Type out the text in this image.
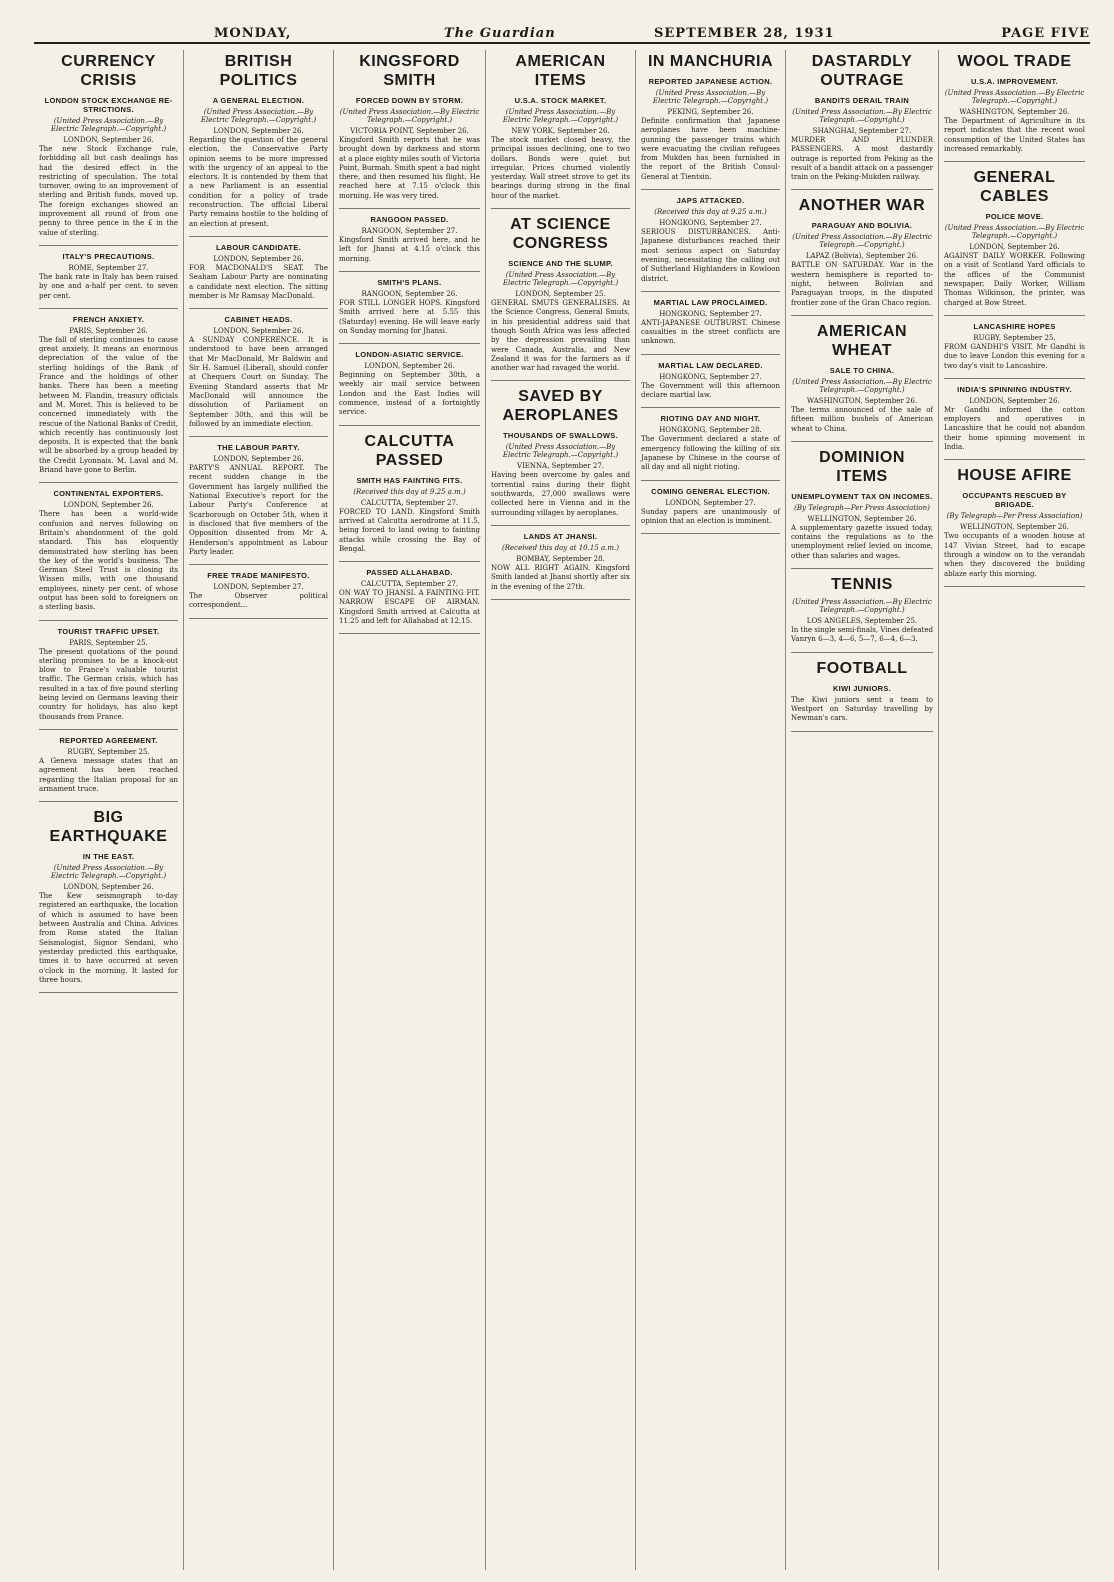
MONDAY,	The Guardian	SEPTEMBER 28, 1931	PAGE FIVE
CURRENCY CRISIS
LONDON STOCK EXCHANGE RE-STRICTIONS.
(United Press Association.—By Electric Telegraph.—Copyright.)
LONDON, September 26.
The new Stock Exchange rule, forbidding all but cash dealings has had the desired effect in the restricting of speculation. The total turnover, owing to an improvement of sterling and British funds, moved up. The foreign exchanges showed an improvement all round of from one penny to three pence in the £ in the value of sterling.
ITALY'S PRECAUTIONS.
ROME, September 27.
The bank rate in Italy has been raised by one and a-half per cent. to seven per cent.
FRENCH ANXIETY.
PARIS, September 26.
The fall of sterling continues to cause great anxiety. It means an enormous depreciation of the value of the sterling holdings of the Bank of France and the holdings of other banks. There has been a meeting between M. Flandin, treasury officials and M. Moret. This is believed to be concerned immediately with the rescue of the National Banks of Credit, which recently has continuously lost deposits. It is expected that the bank will be absorbed by a group headed by the Credit Lyonnais. M. Laval and M. Briand have gone to Berlin.
CONTINENTAL EXPORTERS.
LONDON, September 26.
There has been a world-wide confusion and nerves following on Britain's abandonment of the gold standard. This has eloquently demonstrated how sterling has been the key of the world's business. The German Steel Trust is closing its Wissen mills, with one thousand employees, ninety per cent. of whose output has been sold to foreigners on a sterling basis.
TOURIST TRAFFIC UPSET.
PARIS, September 25.
The present quotations of the pound sterling promises to be a knock-out blow to France's valuable tourist traffic. The German crisis, which has resulted in a tax of five pound sterling being levied on Germans leaving their country for holidays, has also kept thousands from France.
REPORTED AGREEMENT.
RUGBY, September 25.
A Geneva message states that an agreement has been reached regarding the Italian proposal for an armament truce.
BIG EARTHQUAKE
IN THE EAST.
(United Press Association.—By Electric Telegraph.—Copyright.)
LONDON, September 26.
The Kew seismograph to-day registered an earthquake, the location of which is assumed to have been between Australia and China. Advices from Rome stated the Italian Seismologist, Signor Sendani, who yesterday predicted this earthquake, times it to have occurred at seven o'clock in the morning. It lasted for three hours.
BRITISH POLITICS
A GENERAL ELECTION.
(United Press Association.—By Electric Telegraph.—Copyright.)
LONDON, September 26.
Regarding the question of the general election, the Conservative Party opinion seems to be more impressed with the urgency of an appeal to the electors. It is contended by them that a new Parliament is an essential condition for a policy of trade reconstruction. The official Liberal Party remains hostile to the holding of an election at present.
LABOUR CANDIDATE.
LONDON, September 26.
FOR MACDONALD'S SEAT. The Seaham Labour Party are nominating a candidate next election. The sitting member is Mr Ramsay MacDonald.
CABINET HEADS.
LONDON, September 26.
A SUNDAY CONFERENCE. It is understood to have been arranged that Mr MacDonald, Mr Baldwin and Sir H. Samuel (Liberal), should confer at Chequers Court on Sunday. The Evening Standard asserts that Mr MacDonald will announce the dissolution of Parliament on September 30th, and this will be followed by an immediate election.
THE LABOUR PARTY.
LONDON, September 26.
PARTY'S ANNUAL REPORT. The recent sudden change in the Government has largely nullified the National Executive's report for the Labour Party's Conference at Scarborough on October 5th, when it is disclosed that five members of the Opposition dissented from Mr A. Henderson's appointment as Labour Party leader.
FREE TRADE MANIFESTO.
LONDON, September 27.
The Observer political correspondent...
KINGSFORD SMITH
FORCED DOWN BY STORM.
(United Press Association.—By Electric Telegraph.—Copyright.)
VICTORIA POINT, September 26.
Kingsford Smith reports that he was brought down by darkness and storm at a place eighty miles south of Victoria Point, Burmah. Smith spent a bad night there, and then resumed his flight. He reached here at 7.15 o'clock this morning. He was very tired.
RANGOON PASSED.
RANGOON, September 27.
Kingsford Smith arrived here, and he left for Jhansi at 4.15 o'clock this morning.
SMITH'S PLANS.
RANGOON, September 26.
FOR STILL LONGER HOPS. Kingsford Smith arrived here at 5.55 this (Saturday) evening. He will leave early on Sunday morning for Jhansi.
LONDON-ASIATIC SERVICE.
LONDON, September 26.
Beginning on September 30th, a weekly air mail service between London and the East Indies will commence, instead of a fortnightly service.
CALCUTTA PASSED
SMITH HAS FAINTING FITS.
(Received this day at 9.25 a.m.)
CALCUTTA, September 27.
FORCED TO LAND. Kingsford Smith arrived at Calcutta aerodrome at 11.5, being forced to land owing to fainting attacks while crossing the Bay of Bengal.
PASSED ALLAHABAD.
CALCUTTA, September 27.
ON WAY TO JHANSI. A FAINTING FIT. NARROW ESCAPE OF AIRMAN. Kingsford Smith arrived at Calcutta at 11.25 and left for Allahabad at 12.15.
AMERICAN ITEMS
U.S.A. STOCK MARKET.
(United Press Association.—By Electric Telegraph.—Copyright.)
NEW YORK, September 26.
The stock market closed heavy, the principal issues declining, one to two dollars. Bonds were quiet but irregular. Prices churned violently yesterday. Wall street strove to get its bearings during strong in the final hour of the market.
AT SCIENCE CONGRESS
SCIENCE AND THE SLUMP.
(United Press Association.—By Electric Telegraph.—Copyright.)
LONDON, September 25.
GENERAL SMUTS GENERALISES. At the Science Congress, General Smuts, in his presidential address said that though South Africa was less affected by the depression prevailing than were Canada, Australia, and New Zealand it was for the farmers as if another war had ravaged the world.
SAVED BY AEROPLANES
THOUSANDS OF SWALLOWS.
(United Press Association.—By Electric Telegraph.—Copyright.)
VIENNA, September 27.
Having been overcome by gales and torrential rains during their flight southwards, 27,000 swallows were collected here in Vienna and in the surrounding villages by aeroplanes.
LANDS AT JHANSI.
(Received this day at 10.15 a.m.)
BOMBAY, September 28.
NOW ALL RIGHT AGAIN. Kingsford Smith landed at Jhansi shortly after six in the evening of the 27th.
IN MANCHURIA
REPORTED JAPANESE ACTION.
(United Press Association.—By Electric Telegraph.—Copyright.)
PEKING, September 26.
Definite confirmation that Japanese aeroplanes have been machine-gunning the passenger trains which were evacuating the civilian refugees from Mukden has been furnished in the report of the British Consul-General at Tientsin.
JAPS ATTACKED.
(Received this day at 9.25 a.m.)
HONGKONG, September 27.
SERIOUS DISTURBANCES. Anti-Japanese disturbances reached their most serious aspect on Saturday evening, necessitating the calling out of Sutherland Highlanders in Kowloon district.
MARTIAL LAW PROCLAIMED.
HONGKONG, September 27.
ANTI-JAPANESE OUTBURST. Chinese casualties in the street conflicts are unknown.
MARTIAL LAW DECLARED.
HONGKONG, September 27.
The Government will this afternoon declare martial law.
RIOTING DAY AND NIGHT.
HONGKONG, September 28.
The Government declared a state of emergency following the killing of six Japanese by Chinese in the course of all day and all night rioting.
COMING GENERAL ELECTION.
LONDON, September 27.
Sunday papers are unanimously of opinion that an election is imminent.
DASTARDLY OUTRAGE
BANDITS DERAIL TRAIN
(United Press Association.—By Electric Telegraph.—Copyright.)
SHANGHAI, September 27.
MURDER AND PLUNDER PASSENGERS. A most dastardly outrage is reported from Peking as the result of a bandit attack on a passenger train on the Peking-Mukden railway.
ANOTHER WAR
PARAGUAY AND BOLIVIA.
(United Press Association.—By Electric Telegraph.—Copyright.)
LAPAZ (Bolivia), September 26.
BATTLE ON SATURDAY. War in the western hemisphere is reported to-night, between Bolivian and Paraguayan troops, in the disputed frontier zone of the Gran Chaco region.
AMERICAN WHEAT
SALE TO CHINA.
(United Press Association.—By Electric Telegraph.—Copyright.)
WASHINGTON, September 26.
The terms announced of the sale of fifteen million bushels of American wheat to China.
DOMINION ITEMS
UNEMPLOYMENT TAX ON INCOMES.
(By Telegraph—Per Press Association)
WELLINGTON, September 26.
A supplementary gazette issued today, contains the regulations as to the unemployment relief levied on income, other than salaries and wages.
TENNIS
(United Press Association.—By Electric Telegraph.—Copyright.)
LOS ANGELES, September 25.
In the single semi-finals, Vines defeated Vanryn 6—3, 4—6, 5—7, 6—4, 6—3.
FOOTBALL
KIWI JUNIORS.
The Kiwi juniors sent a team to Westport on Saturday travelling by Newman's cars.
WOOL TRADE
U.S.A. IMPROVEMENT.
(United Press Association.—By Electric Telegraph.—Copyright.)
WASHINGTON, September 26.
The Department of Agriculture in its report indicates that the recent wool consumption of the United States has increased remarkably.
GENERAL CABLES
POLICE MOVE.
(United Press Association.—By Electric Telegraph.—Copyright.)
LONDON, September 26.
AGAINST DAILY WORKER. Following on a visit of Scotland Yard officials to the offices of the Communist newspaper, Daily Worker, William Thomas Wilkinson, the printer, was charged at Bow Street.
LANCASHIRE HOPES
RUGBY, September 25.
FROM GANDHI'S VISIT. Mr Gandhi is due to leave London this evening for a two day's visit to Lancashire.
INDIA'S SPINNING INDUSTRY.
LONDON, September 26.
Mr Gandhi informed the cotton employers and operatives in Lancashire that he could not abandon their home spinning movement in India.
HOUSE AFIRE
OCCUPANTS RESCUED BY BRIGADE.
(By Telegraph—Per Press Association)
WELLINGTON, September 26.
Two occupants of a wooden house at 147 Vivian Street, had to escape through a window on to the verandah when they discovered the building ablaze early this morning.
